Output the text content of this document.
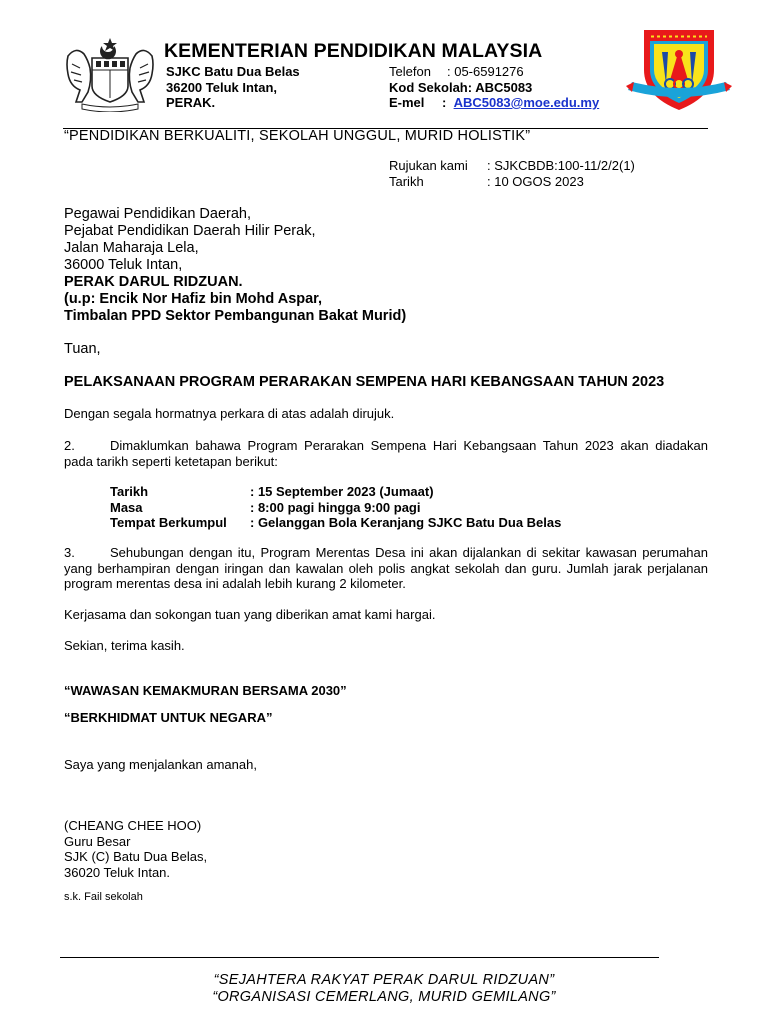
KEMENTERIAN PENDIDIKAN MALAYSIA
SJKC Batu Dua Belas
36200 Teluk Intan,
PERAK.
Telefon : 05-6591276
Kod Sekolah: ABC5083
E-mel : ABC5083@moe.edu.my
“PENDIDIKAN BERKUALITI, SEKOLAH UNGGUL, MURID HOLISTIK”
Rujukan kami : SJKCBDB:100-11/2/2(1)
Tarikh	: 10 OGOS 2023
Pegawai Pendidikan Daerah,
Pejabat Pendidikan Daerah Hilir Perak,
Jalan Maharaja Lela,
36000 Teluk Intan,
PERAK DARUL RIDZUAN.
(u.p: Encik Nor Hafiz bin Mohd Aspar,
Timbalan PPD Sektor Pembangunan Bakat Murid)
Tuan,
PELAKSANAAN PROGRAM PERARAKAN SEMPENA HARI KEBANGSAAN TAHUN 2023
Dengan segala hormatnya perkara di atas adalah dirujuk.
2.	Dimaklumkan bahawa Program Perarakan Sempena Hari Kebangsaan Tahun 2023 akan diadakan pada tarikh seperti ketetapan berikut:
Tarikh	: 15 September 2023 (Jumaat)
Masa	: 8:00 pagi hingga 9:00 pagi
Tempat Berkumpul : Gelanggan Bola Keranjang SJKC Batu Dua Belas
3.	Sehubungan dengan itu, Program Merentas Desa ini akan dijalankan di sekitar kawasan perumahan yang berhampiran dengan iringan dan kawalan oleh polis angkat sekolah dan guru. Jumlah jarak perjalanan program merentas desa ini adalah lebih kurang 2 kilometer.
Kerjasama dan sokongan tuan yang diberikan amat kami hargai.
Sekian, terima kasih.
“WAWASAN KEMAKMURAN BERSAMA 2030”
“BERKHIDMAT UNTUK NEGARA”
Saya yang menjalankan amanah,
(CHEANG CHEE HOO)
Guru Besar
SJK (C) Batu Dua Belas,
36020 Teluk Intan.
s.k. Fail sekolah
“SEJAHTERA RAKYAT PERAK DARUL RIDZUAN”
“ORGANISASI CEMERLANG, MURID GEMILANG”
